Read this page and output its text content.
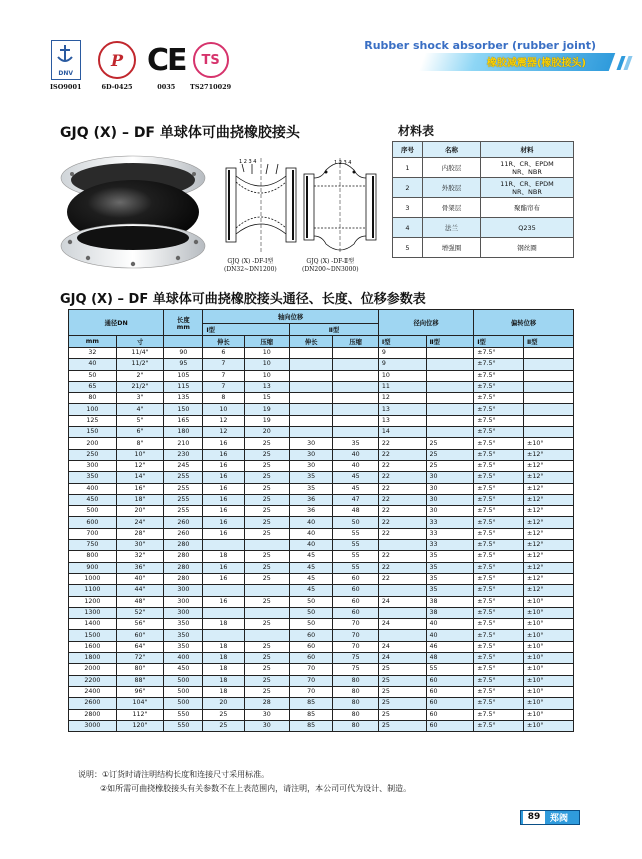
DNV
ISO9001
P
6D-0425
CE
0035
TS
TS2710029
Rubber shock absorber (rubber joint)
橡胶减震器(橡胶接头)
GJQ (X) – DF 单球体可曲挠橡胶接头	材料表
1 2 3 4
GJQ (X) -DF-Ⅰ型
(DN32~DN1200)
1 2 3 4
GJQ (X) -DF-Ⅱ型
(DN200~DN3000)
序号	名称	材料
1	内胶层	11R、CR、EPDM
NR、NBR
2	外胶层	11R、CR、EPDM
NR、NBR
3	骨架层	聚酯帘布
4	法兰	Q235
5	增强圈	钢丝圈
GJQ (X) – DF 单球体可曲挠橡胶接头通径、长度、位移参数表
通径DN		长度
mm	轴向位移				径向位移		偏转位移	
			Ⅰ型		Ⅱ型					
mm	寸		伸长	压缩	伸长	压缩	Ⅰ型	Ⅱ型	Ⅰ型	Ⅱ型
32	11/4"	90	6	10			9		±7.5°	
40	11/2"	95	7	10			9		±7.5°	
50	2"	105	7	10			10		±7.5°	
65	21/2"	115	7	13			11		±7.5°	
80	3"	135	8	15			12		±7.5°	
100	4"	150	10	19			13		±7.5°	
125	5"	165	12	19			13		±7.5°	
150	6"	180	12	20			14		±7.5°	
200	8"	210	16	25	30	35	22	25	±7.5°	±10°
250	10"	230	16	25	30	40	22	25	±7.5°	±12°
300	12"	245	16	25	30	40	22	25	±7.5°	±12°
350	14"	255	16	25	35	45	22	30	±7.5°	±12°
400	16"	255	16	25	35	45	22	30	±7.5°	±12°
450	18"	255	16	25	36	47	22	30	±7.5°	±12°
500	20"	255	16	25	36	48	22	30	±7.5°	±12°
600	24"	260	16	25	40	50	22	33	±7.5°	±12°
700	28"	260	16	25	40	55	22	33	±7.5°	±12°
750	30"	280			40	55		33	±7.5°	±12°
800	32"	280	18	25	45	55	22	35	±7.5°	±12°
900	36"	280	16	25	45	55	22	35	±7.5°	±12°
1000	40"	280	16	25	45	60	22	35	±7.5°	±12°
1100	44"	300			45	60		35	±7.5°	±12°
1200	48"	300	16	25	50	60	24	38	±7.5°	±10°
1300	52"	300			50	60		38	±7.5°	±10°
1400	56"	350	18	25	50	70	24	40	±7.5°	±10°
1500	60"	350			60	70		40	±7.5°	±10°
1600	64"	350	18	25	60	70	24	46	±7.5°	±10°
1800	72"	400	18	25	60	75	24	48	±7.5°	±10°
2000	80"	450	18	25	70	75	25	55	±7.5°	±10°
2200	88"	500	18	25	70	80	25	60	±7.5°	±10°
2400	96"	500	18	25	70	80	25	60	±7.5°	±10°
2600	104"	500	20	28	85	80	25	60	±7.5°	±10°
2800	112"	550	25	30	85	80	25	60	±7.5°	±10°
3000	120"	550	25	30	85	80	25	60	±7.5°	±10°
说明：①订货时请注明结构长度和连接尺寸采用标准。
②如所需可曲挠橡胶接头有关参数不在上表范围内，请注明，本公司可代为设计、制造。
89	郑阀
